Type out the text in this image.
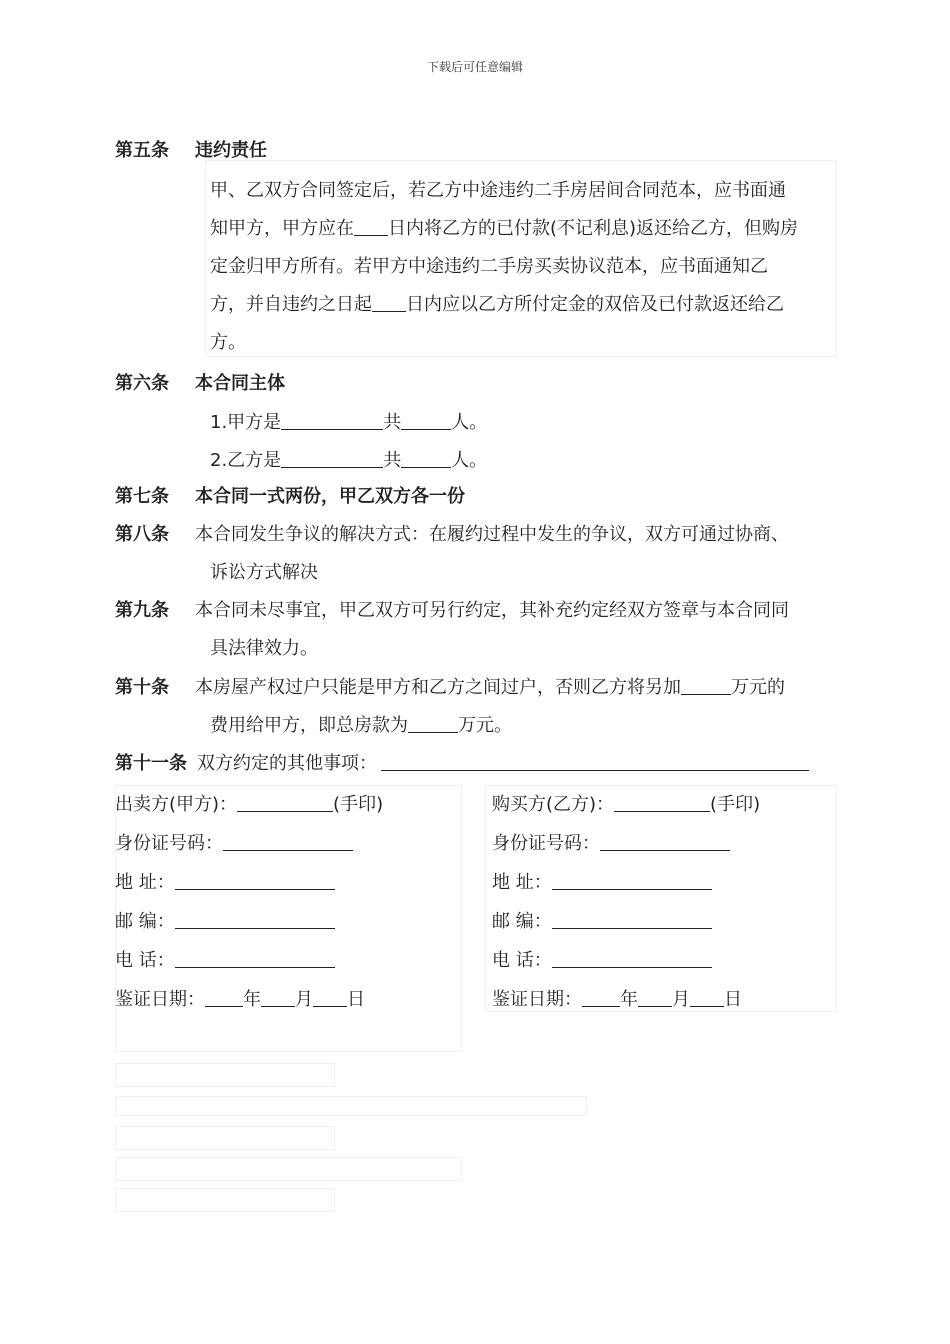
下载后可任意编辑
第五条 违约责任
甲、乙双方合同签定后，若乙方中途违约二手房居间合同范本，应书面通
知甲方，甲方应在 日内将乙方的已付款(不记利息)返还给乙方，但购房
定金归甲方所有。若甲方中途违约二手房买卖协议范本，应书面通知乙
方，并自违约之日起 日内应以乙方所付定金的双倍及已付款返还给乙
方。
第六条 本合同主体
1.甲方是	共	人。
2.乙方是	共	人。
第七条 本合同一式两份，甲乙双方各一份
第八条 本合同发生争议的解决方式：在履约过程中发生的争议，双方可通过协商、
诉讼方式解决
第九条 本合同未尽事宜，甲乙双方可另行约定，其补充约定经双方签章与本合同同
具法律效力。
第十条 本房屋产权过户只能是甲方和乙方之间过户，否则乙方将另加	万元的
费用给甲方，即总房款为	万元。
第十一条 双方约定的其他事项：
出卖方(甲方)：	(手印)
身份证号码：
地 址：
邮 编：
电 话：
鉴证日期： 年 月 日
购买方(乙方)：	(手印)
身份证号码：
地 址：
邮 编：
电 话：
鉴证日期： 年 月 日
